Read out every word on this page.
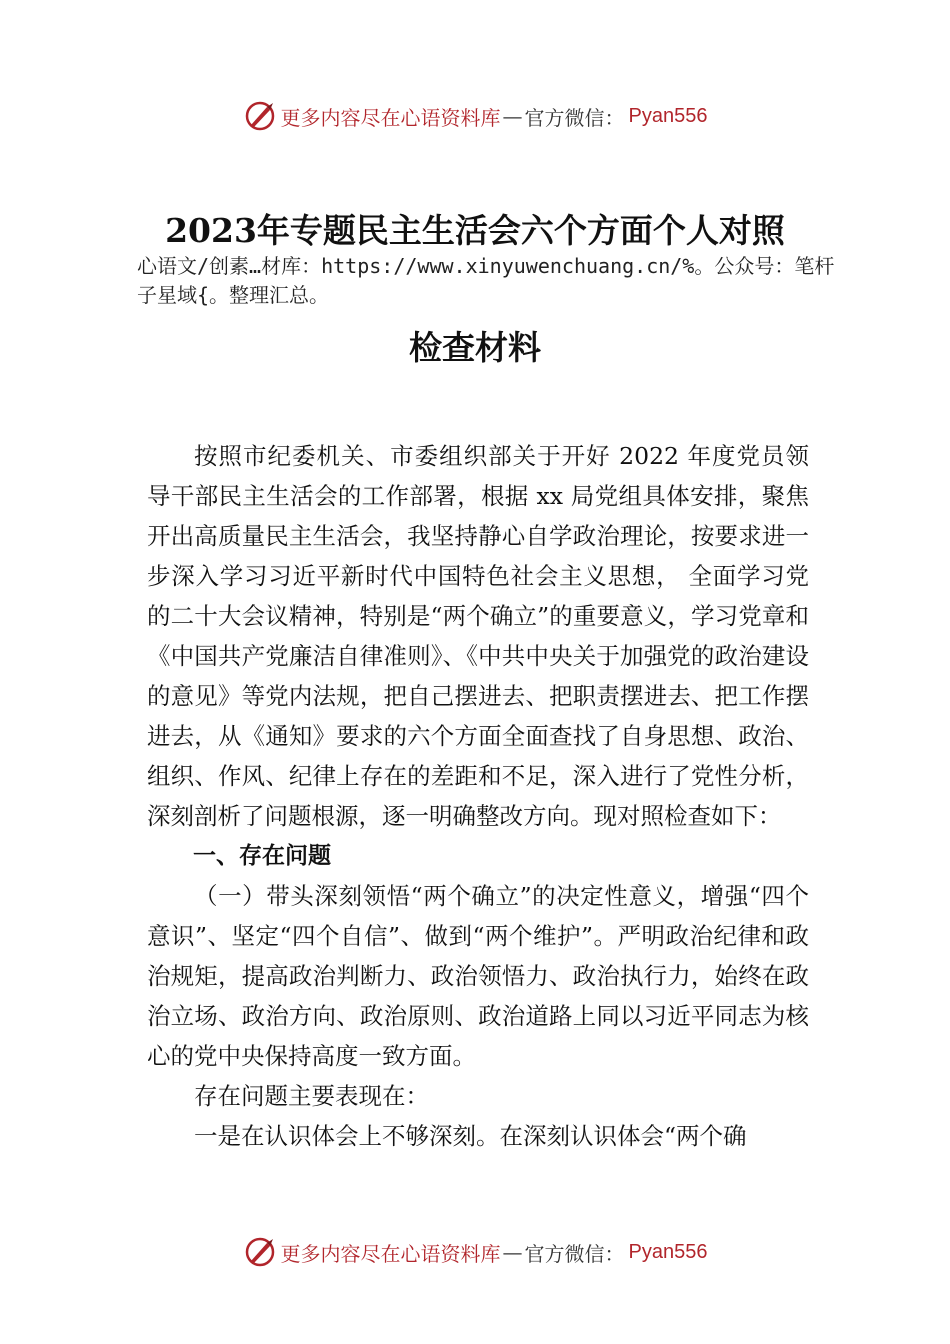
更多内容尽在心语资料库 — 官方微信： Pyan556
2023年专题民主生活会六个方面个人对照
心语文/创素…材库：https://www.xinyuwenchuang.cn/%。公众号：笔杆子星域{。整理汇总。
检查材料

按照市纪委机关、市委组织部关于开好 2022 年度党员领导干部民主生活会的工作部署，根据 xx 局党组具体安排，聚焦开出高质量民主生活会，我坚持静心自学政治理论，按要求进一步深入学习习近平新时代中国特色社会主义思想， 全面学习党的二十大会议精神，特别是“两个确立”的重要意义，学习党章和《中国共产党廉洁自律准则》、《中共中央关于加强党的政治建设的意见》等党内法规，把自己摆进去、把职责摆进去、把工作摆进去，从《通知》要求的六个方面全面查找了自身思想、政治、组织、作风、纪律上存在的差距和不足，深入进行了党性分析，深刻剖析了问题根源，逐一明确整改方向。现对照检查如下：

一、存在问题

（一）带头深刻领悟“两个确立”的决定性意义，增强“四个意识”、坚定“四个自信”、做到“两个维护”。严明政治纪律和政治规矩，提高政治判断力、政治领悟力、政治执行力，始终在政治立场、政治方向、政治原则、政治道路上同以习近平同志为核心的党中央保持高度一致方面。

存在问题主要表现在：

一是在认识体会上不够深刻。在深刻认识体会“两个确

更多内容尽在心语资料库 — 官方微信： Pyan556
